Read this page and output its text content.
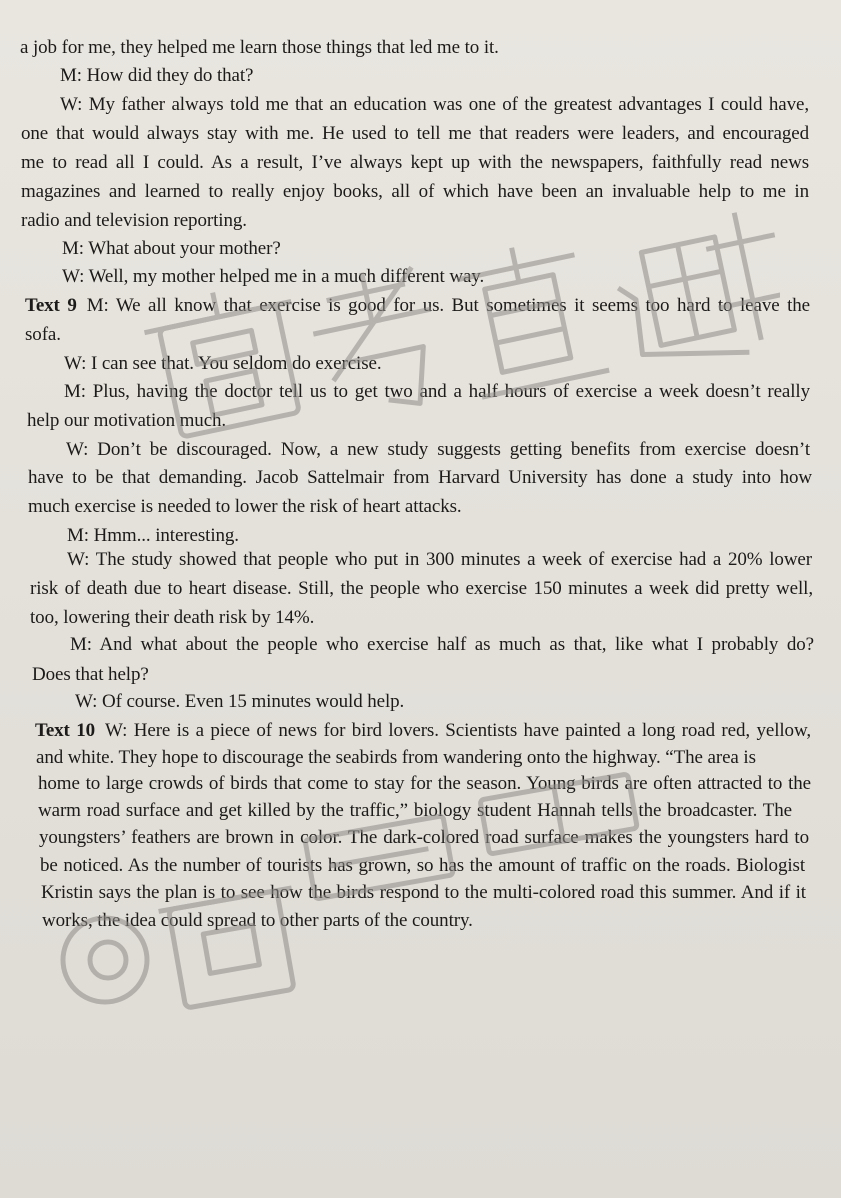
a job for me, they helped me learn those things that led me to it.
M: How did they do that?
W: My father always told me that an education was one of the greatest advantages I could have,
one that would always stay with me. He used to tell me that readers were leaders, and encouraged
me to read all I could. As a result, I’ve always kept up with the newspapers, faithfully read news
magazines and learned to really enjoy books, all of which have been an invaluable help to me in
radio and television reporting.
M: What about your mother?
W: Well, my mother helped me in a much different way.
Text 9 M: We all know that exercise is good for us. But sometimes it seems too hard to leave the
sofa.
W: I can see that. You seldom do exercise.
M: Plus, having the doctor tell us to get two and a half hours of exercise a week doesn’t really
help our motivation much.
W: Don’t be discouraged. Now, a new study suggests getting benefits from exercise doesn’t
have to be that demanding. Jacob Sattelmair from Harvard University has done a study into how
much exercise is needed to lower the risk of heart attacks.
M: Hmm... interesting.
W: The study showed that people who put in 300 minutes a week of exercise had a 20% lower
risk of death due to heart disease. Still, the people who exercise 150 minutes a week did pretty well,
too, lowering their death risk by 14%.
M: And what about the people who exercise half as much as that, like what I probably do?
Does that help?
W: Of course. Even 15 minutes would help.
Text 10 W: Here is a piece of news for bird lovers. Scientists have painted a long road red, yellow,
and white. They hope to discourage the seabirds from wandering onto the highway. “The area is
home to large crowds of birds that come to stay for the season. Young birds are often attracted to the
warm road surface and get killed by the traffic,” biology student Hannah tells the broadcaster. The
youngsters’ feathers are brown in color. The dark-colored road surface makes the youngsters hard to
be noticed. As the number of tourists has grown, so has the amount of traffic on the roads. Biologist
Kristin says the plan is to see how the birds respond to the multi-colored road this summer. And if it
works, the idea could spread to other parts of the country.
